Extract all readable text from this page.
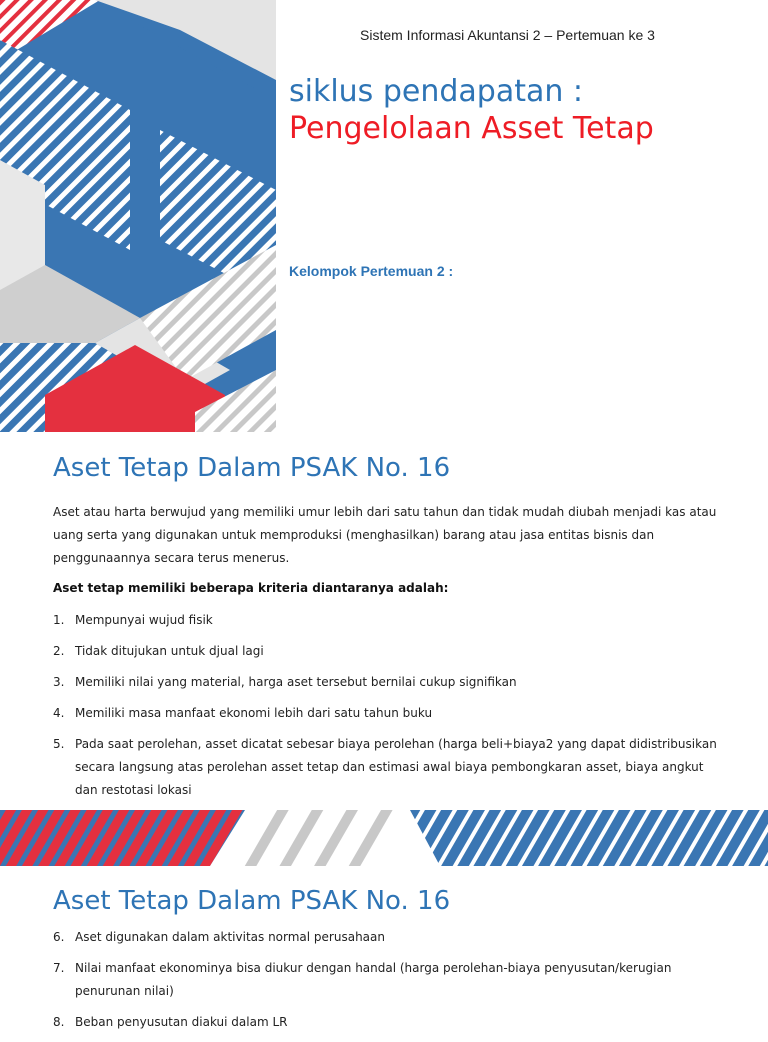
Sistem Informasi Akuntansi 2 – Pertemuan ke 3
siklus pendapatan :
Pengelolaan Asset Tetap
Kelompok Pertemuan 2 :
Aset Tetap Dalam PSAK No. 16
Aset atau harta berwujud yang memiliki umur lebih dari satu tahun dan tidak mudah diubah menjadi kas atau uang serta yang digunakan untuk memproduksi (menghasilkan) barang atau jasa entitas bisnis dan penggunaannya secara terus menerus.
Aset tetap memiliki beberapa kriteria diantaranya adalah:
1. Mempunyai wujud fisik
2. Tidak ditujukan untuk djual lagi
3. Memiliki nilai yang material, harga aset tersebut bernilai cukup signifikan
4. Memiliki masa manfaat ekonomi lebih dari satu tahun buku
5. Pada saat perolehan, asset dicatat sebesar biaya perolehan (harga beli+biaya2 yang dapat didistribusikan secara langsung atas perolehan asset tetap dan estimasi awal biaya pembongkaran asset, biaya angkut dan restotasi lokasi
Aset Tetap Dalam PSAK No. 16
6. Aset digunakan dalam aktivitas normal perusahaan
7. Nilai manfaat ekonominya bisa diukur dengan handal (harga perolehan-biaya penyusutan/kerugian penurunan nilai)
8. Beban penyusutan diakui dalam LR
